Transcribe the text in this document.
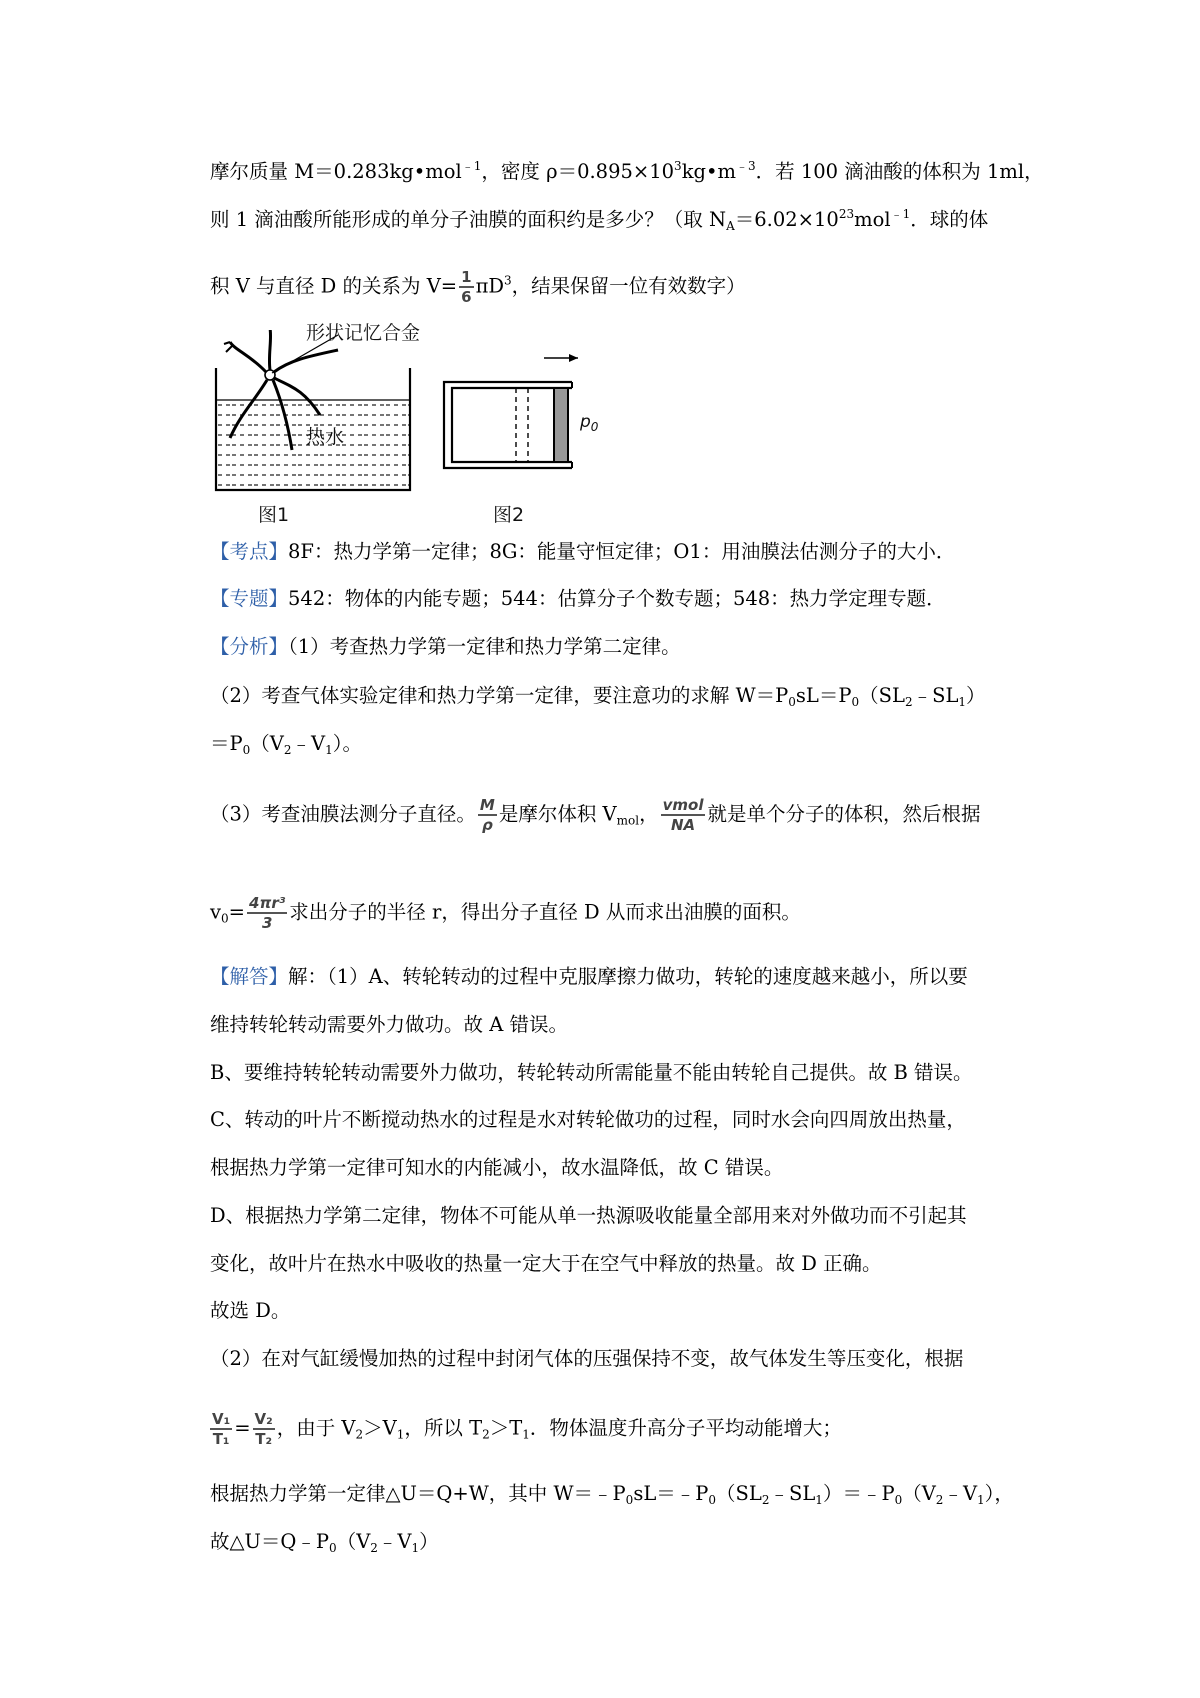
摩尔质量 M＝0.283kg•mol$^{﹣1}$，密度 $\rho=0.895\times 10^3kg•m^{﹣3}$．若 100 滴油酸的体积为 1ml，
则 1 滴油酸所能形成的单分子油膜的面积约是多少？（取 $N_A=6.02\times 10^{23}mol^{﹣1}$．球的体
积 V 与直径 D 的关系为 $V= \frac{1}{6} \pi D^3$，结果保留一位有效数字）
形状记忆合金
热水
图1
$p_0$
图2
【考点】8F：热力学第一定律；8G：能量守恒定律；O1：用油膜法估测分子的大小．
【专题】542：物体的内能专题；544：估算分子个数专题；548：热力学定理专题．
【分析】（1）考查热力学第一定律和热力学第二定律。
（2）考查气体实验定律和热力学第一定律，要注意功的求解 $W=P_0sL=P_0(SL_2﹣SL_1)$
$=P_0(V_2﹣V_1)$。
（3）考查油膜法测分子直径。 $\frac{M}{\rho}$ 是摩尔体积 $V_{mol}$， $\frac{\text{vmol}}{NA}$ 就是单个分子的体积，然后根据
$v_0= \frac{\text{4πr³}}{3}$ 求出分子的半径 r，得出分子直径 D 从而求出油膜的面积。
【解答】解：（1）A、转轮转动的过程中克服摩擦力做功，转轮的速度越来越小，所以要
维持转轮转动需要外力做功。故 A 错误。
B、要维持转轮转动需要外力做功，转轮转动所需能量不能由转轮自己提供。故 B 错误。
C、转动的叶片不断搅动热水的过程是水对转轮做功的过程，同时水会向四周放出热量，
根据热力学第一定律可知水的内能减小，故水温降低，故 C 错误。
D、根据热力学第二定律，物体不可能从单一热源吸收能量全部用来对外做功而不引起其
变化，故叶片在热水中吸收的热量一定大于在空气中释放的热量。故 D 正确。
故选 D。
（2）在对气缸缓慢加热的过程中封闭气体的压强保持不变，故气体发生等压变化，根据
$\frac{\text{V₁}}{\text{T₁}} = \frac{\text{V₂}}{\text{T₂}}$ ，由于 $V_2>V_1$，所以 $T_2>T_1$．物体温度升高分子平均动能增大；
根据热力学第一定律△U＝Q+W，其中 $W=﹣P_0sL=﹣P_0(SL_2﹣SL_1)=﹣P_0(V_2﹣V_1)$，
故$\triangle U=Q﹣P_0(V_2﹣V_1)$
